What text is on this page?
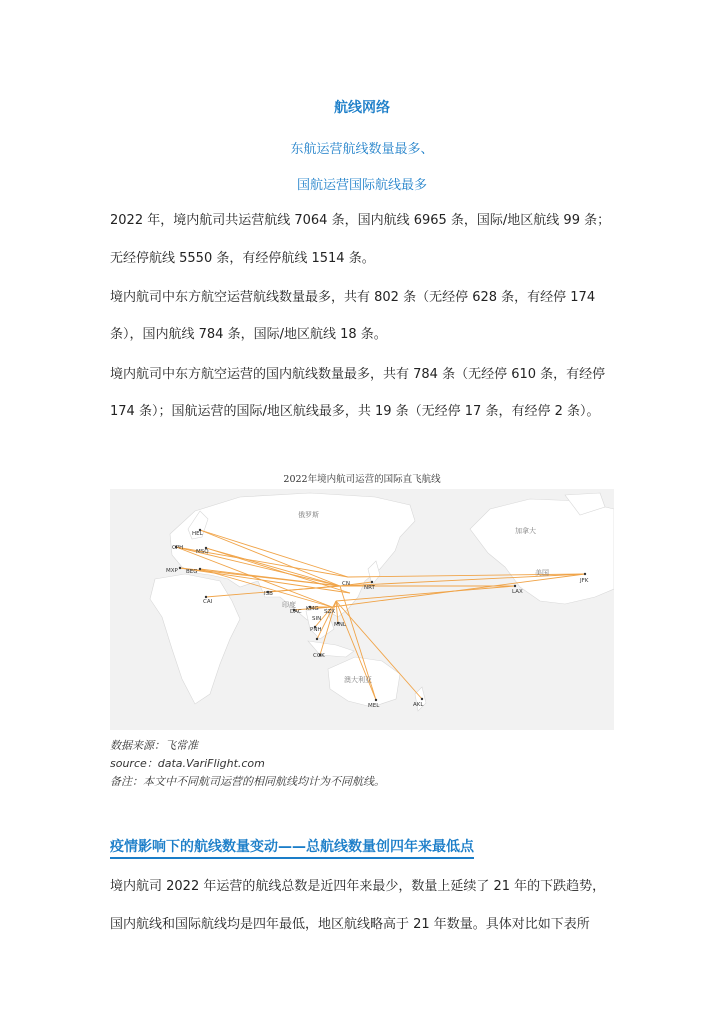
航线网络
东航运营航线数量最多、
国航运营国际航线最多
2022 年，境内航司共运营航线 7064 条，国内航线 6965 条，国际/地区航线 99 条；
无经停航线 5550 条，有经停航线 1514 条。
境内航司中东方航空运营航线数量最多，共有 802 条（无经停 628 条，有经停 174
条），国内航线 784 条，国际/地区航线 18 条。
境内航司中东方航空运营的国内航线数量最多，共有 784 条（无经停 610 条，有经停
174 条）；国航运营的国际/地区航线最多，共 19 条（无经停 17 条，有经停 2 条）。
2022年境内航司运营的国际直飞航线
俄罗斯
加拿大
美国
印度
澳大利亚
HEL
CPH
MSQ
MXP BEG
CAI
ISB
DAC KMG SZX
PNH
SIN
CGK
MNL
NRT
CN
LAX
JFK
MEL	AKL
数据来源：飞常准
source：data.VariFlight.com
备注：本文中不同航司运营的相同航线均计为不同航线。
疫情影响下的航线数量变动——总航线数量创四年来最低点
境内航司 2022 年运营的航线总数是近四年来最少，数量上延续了 21 年的下跌趋势，
国内航线和国际航线均是四年最低，地区航线略高于 21 年数量。具体对比如下表所
